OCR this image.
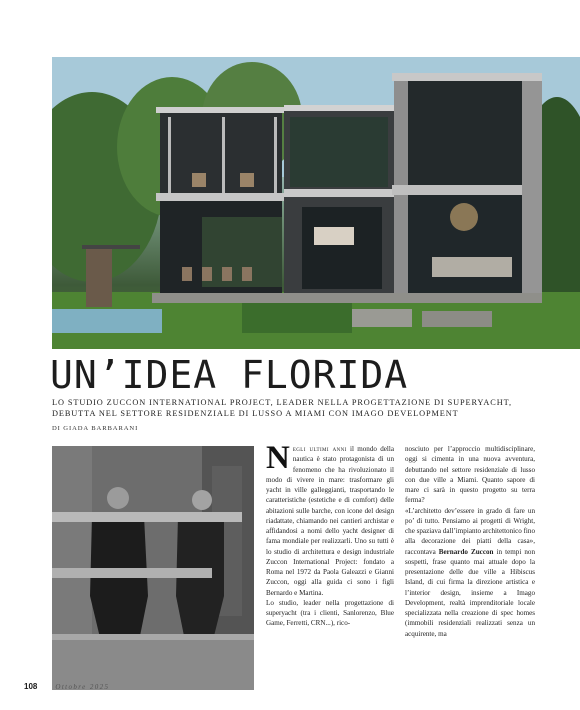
UN’IDEA FLORIDA

LO STUDIO ZUCCON INTERNATIONAL PROJECT, LEADER NELLA PROGETTAZIONE DI SUPERYACHT, DEBUTTA NEL SETTORE RESIDENZIALE DI LUSSO A MIAMI CON IMAGO DEVELOPMENT

DI GIADA BARBARANI

Negli ultimi anni il mondo della nautica è stato protagonista di un fenomeno che ha rivoluzionato il modo di vivere in mare: trasformare gli yacht in ville galleggianti, trasportando le caratteristiche (estetiche e di comfort) delle abitazioni sulle barche, con icone del design riadattate, chiamando nei cantieri archistar e affidandosi a nomi dello yacht designer di fama mondiale per realizzarli. Uno su tutti è lo studio di architettura e design industriale Zuccon International Project: fondato a Roma nel 1972 da Paola Galeazzi e Gianni Zuccon, oggi alla guida ci sono i figli Bernardo e Martina.

Lo studio, leader nella progettazione di superyacht (tra i clienti, Sanlorenzo, Blue Game, Ferretti, CRN...), rico-

nosciuto per l’approccio multidisciplinare, oggi si cimenta in una nuova avventura, debuttando nel settore residenziale di lusso con due ville a Miami. Quanto sapore di mare ci sarà in questo progetto su terra ferma?

«L’architetto dev’essere in grado di fare un po’ di tutto. Pensiamo ai progetti di Wright, che spaziava dall’impianto architettonico fino alla decorazione dei piatti della casa», raccontava Bernardo Zuccon in tempi non sospetti, frase quanto mai attuale dopo la presentazione delle due ville a Hibiscus Island, di cui firma la direzione artistica e l’interior design, insieme a Imago Development, realtà imprenditoriale locale specializzata nella creazione di spec homes (immobili residenziali realizzati senza un acquirente, ma

108	Ottobre 2025
